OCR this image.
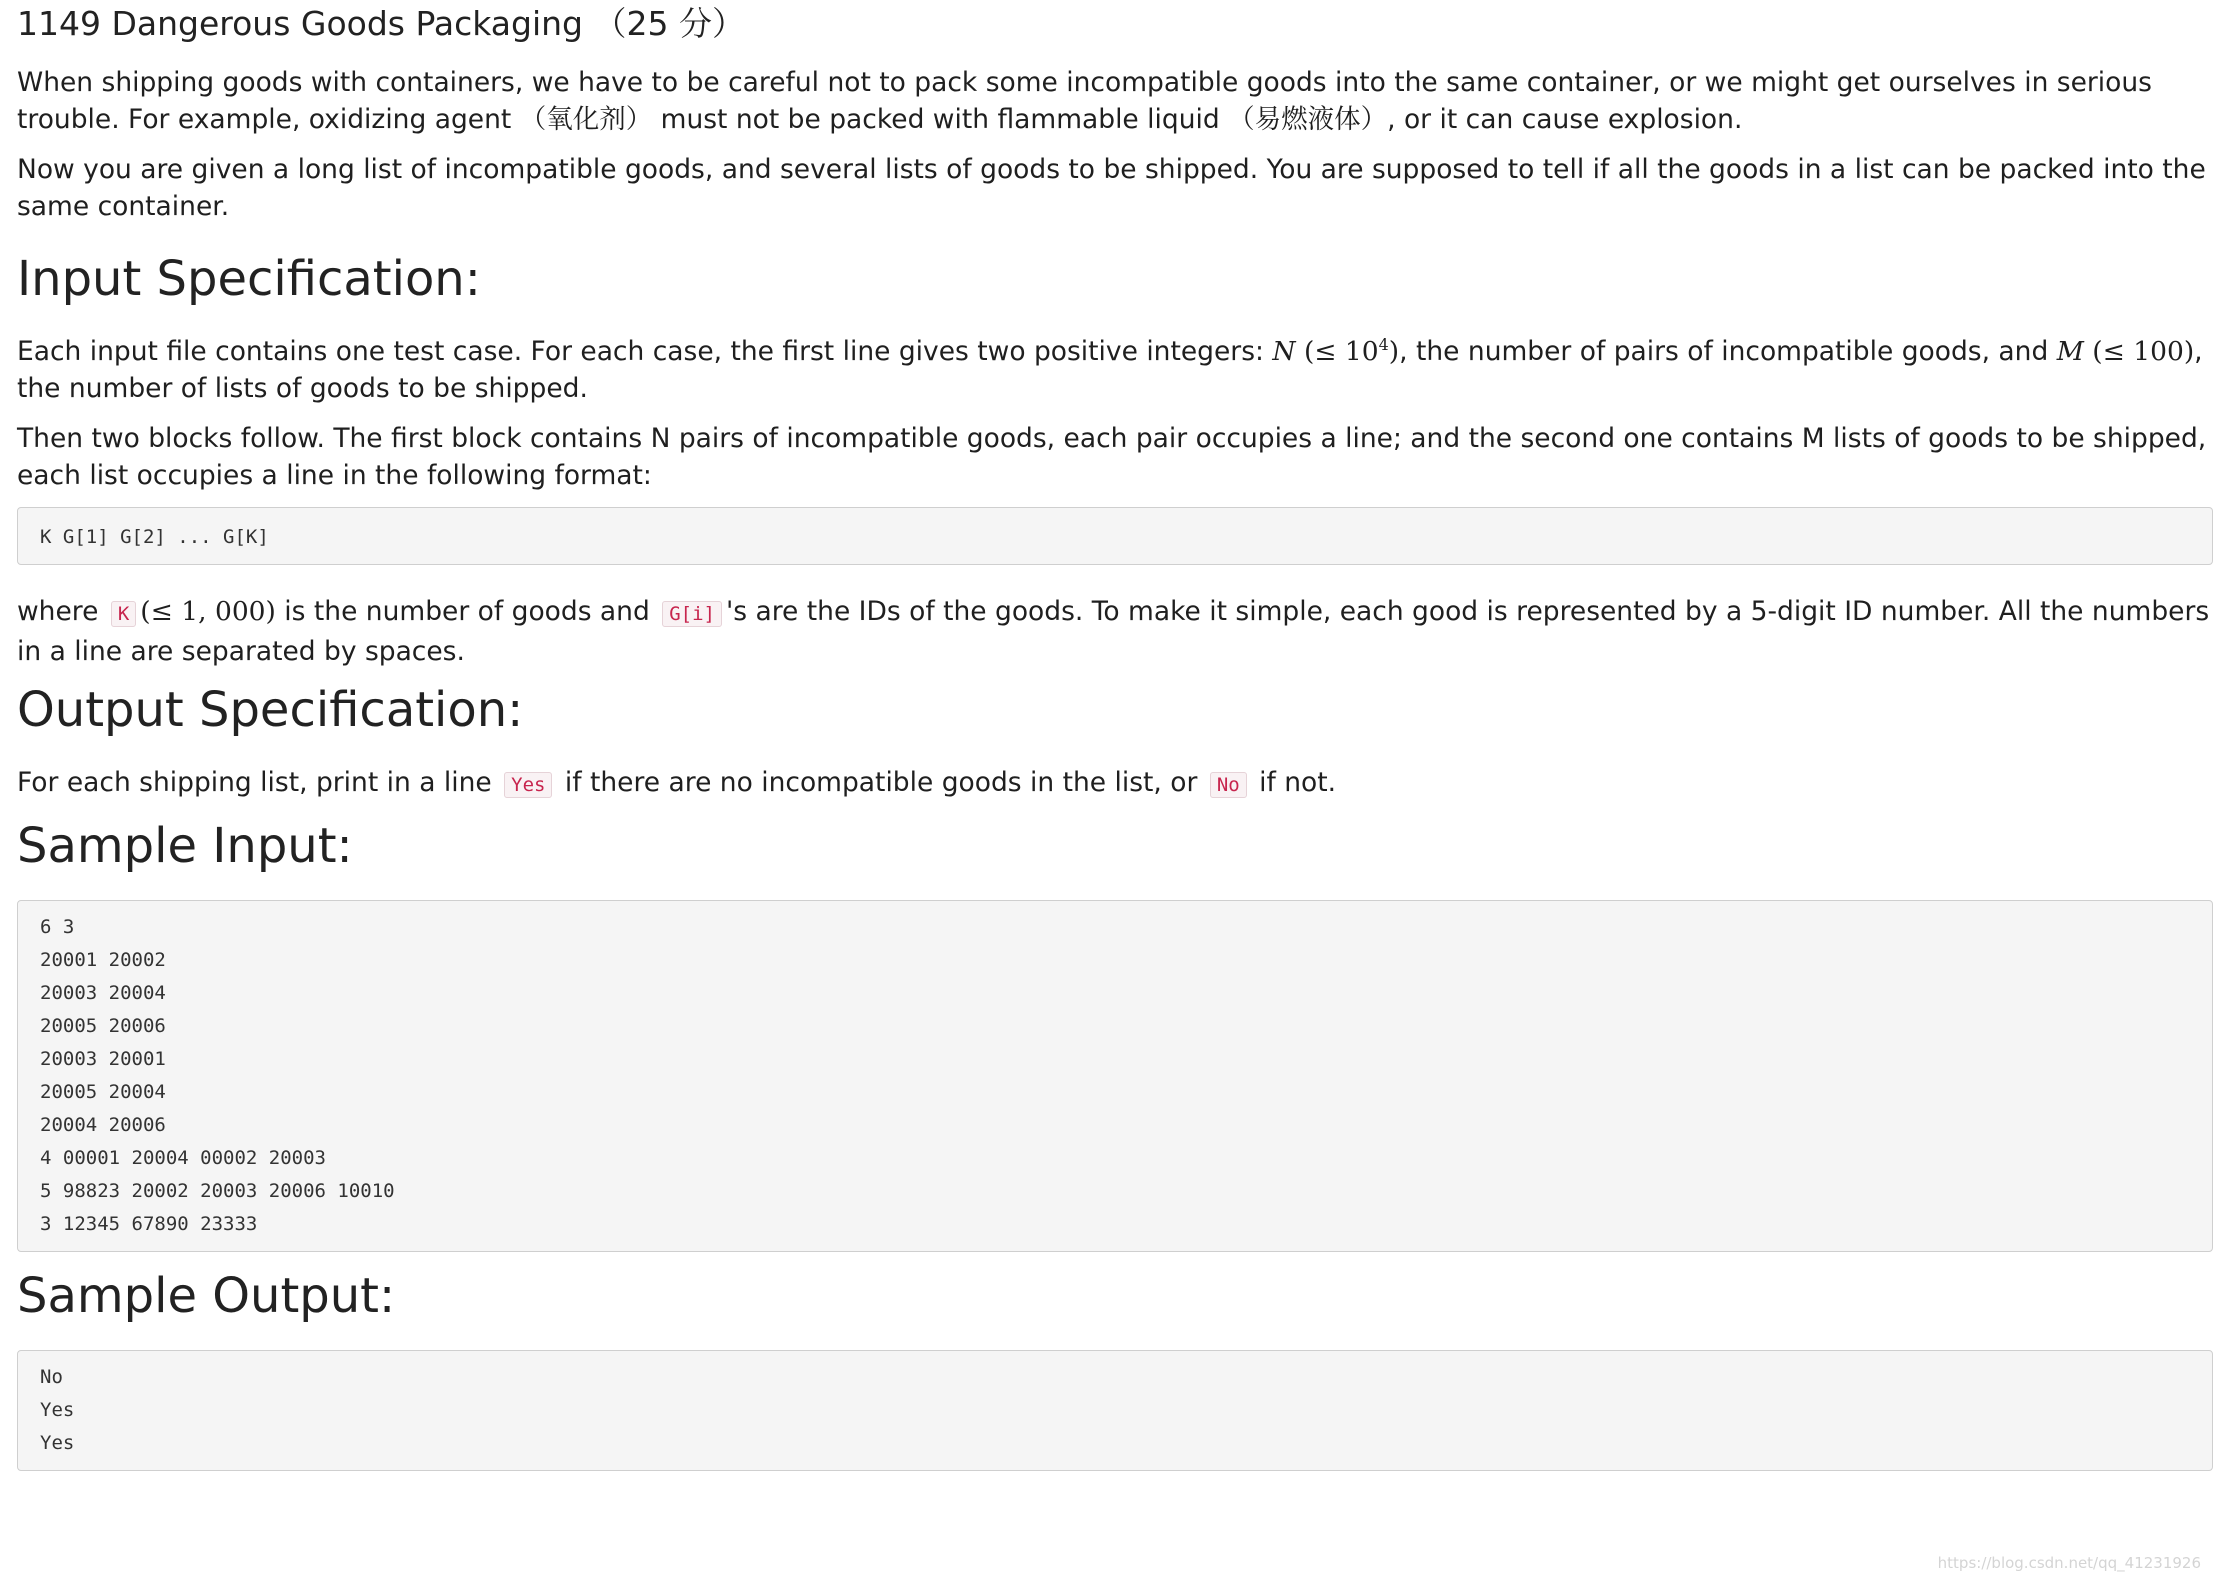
1149 Dangerous Goods Packaging （25 分）

When shipping goods with containers, we have to be careful not to pack some incompatible goods into the same container, or we might get ourselves in serious trouble. For example, oxidizing agent （氧化剂） must not be packed with flammable liquid （易燃液体）, or it can cause explosion.

Now you are given a long list of incompatible goods, and several lists of goods to be shipped. You are supposed to tell if all the goods in a list can be packed into the same container.

Input Specification:

Each input file contains one test case. For each case, the first line gives two positive integers: N (≤ $10^4$), the number of pairs of incompatible goods, and M (≤ 100), the number of lists of goods to be shipped.

Then two blocks follow. The first block contains N pairs of incompatible goods, each pair occupies a line; and the second one contains M lists of goods to be shipped, each list occupies a line in the following format:

K G[1] G[2] ... G[K]

where K (≤ 1, 000) is the number of goods and G[i] 's are the IDs of the goods. To make it simple, each good is represented by a 5-digit ID number. All the numbers in a line are separated by spaces.

Output Specification:

For each shipping list, print in a line Yes if there are no incompatible goods in the list, or No if not.

Sample Input:
6 3
20001 20002
20003 20004
20005 20006
20003 20001
20005 20004
20004 20006
4 00001 20004 00002 20003
5 98823 20002 20003 20006 10010
3 12345 67890 23333
Sample Output:
No
Yes
Yes
https://blog.csdn.net/qq_41231926
